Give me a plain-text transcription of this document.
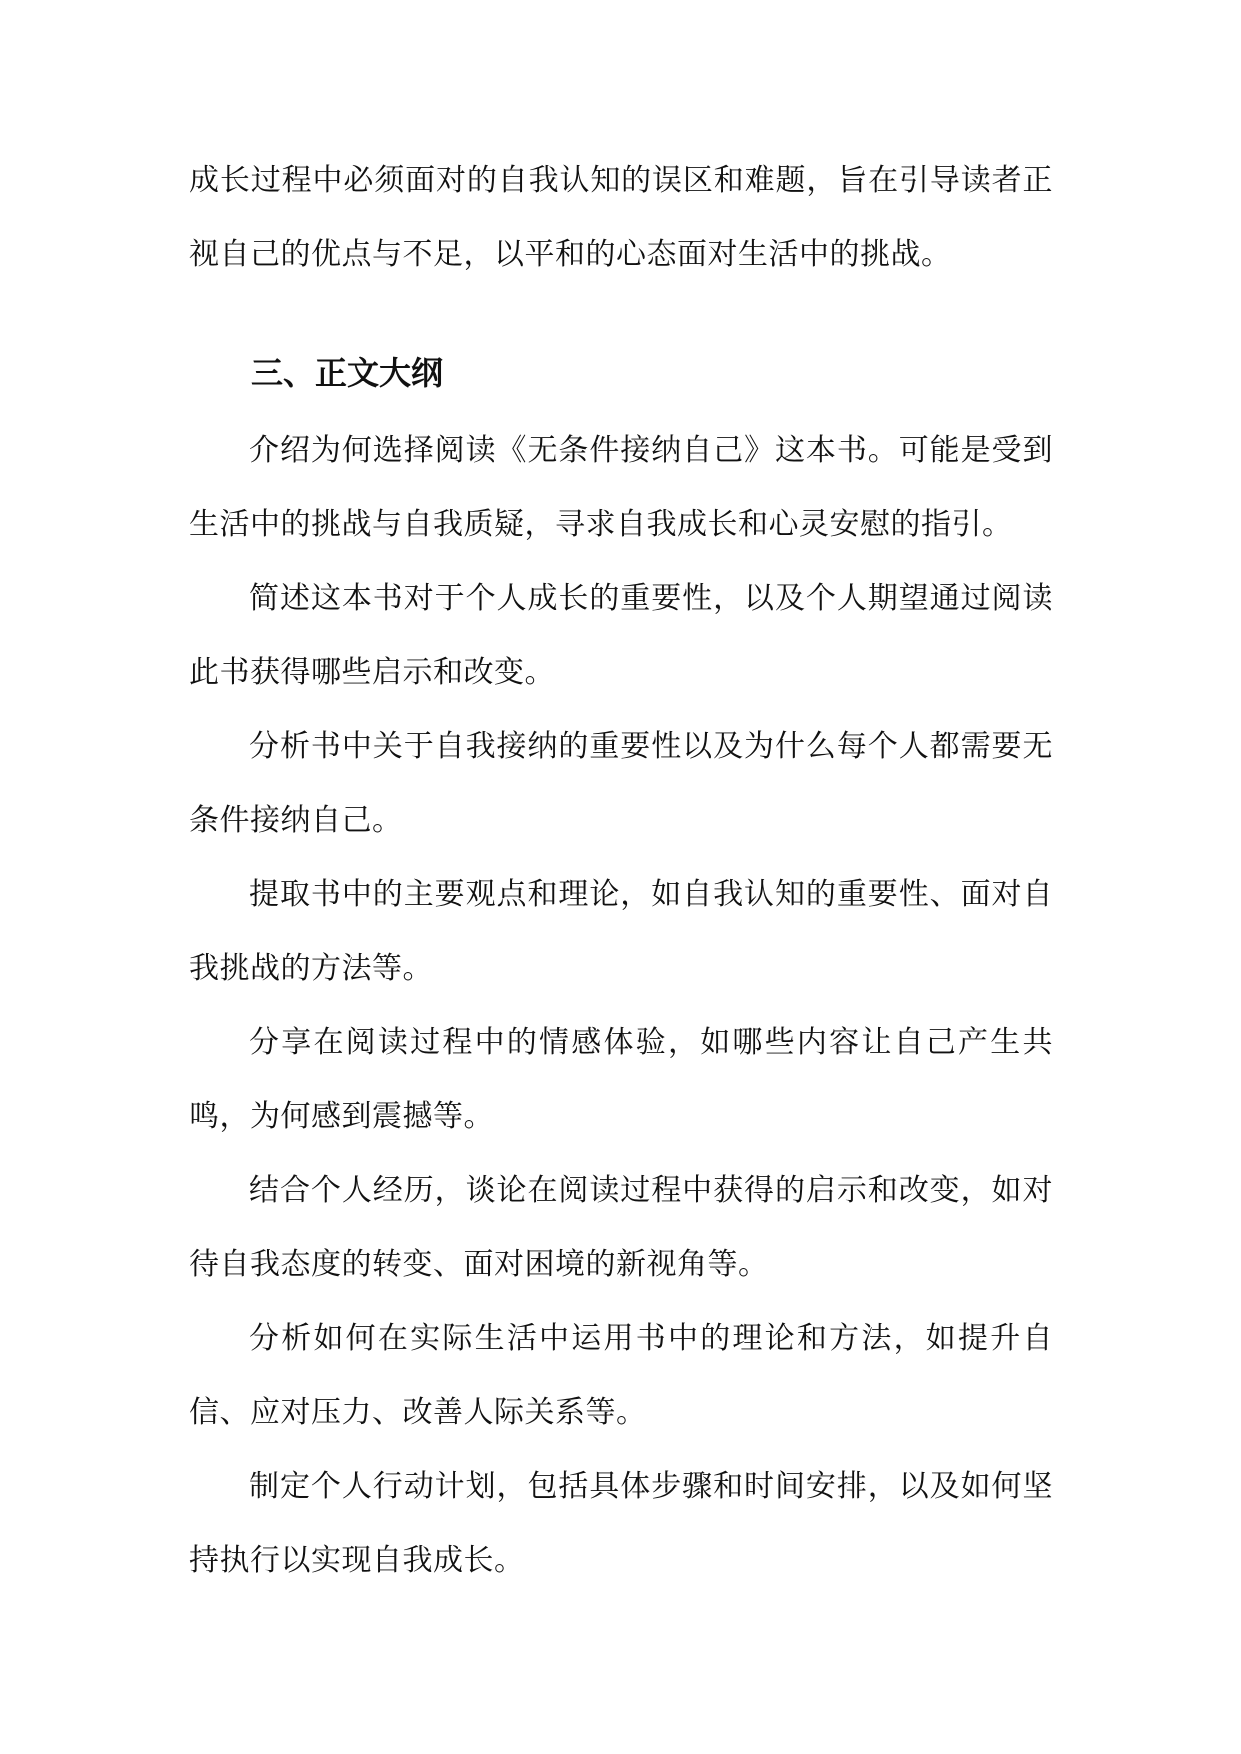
成长过程中必须面对的自我认知的误区和难题，旨在引导读者正视自己的优点与不足，以平和的心态面对生活中的挑战。

三、正文大纲

介绍为何选择阅读《无条件接纳自己》这本书。可能是受到生活中的挑战与自我质疑，寻求自我成长和心灵安慰的指引。

简述这本书对于个人成长的重要性，以及个人期望通过阅读此书获得哪些启示和改变。

分析书中关于自我接纳的重要性以及为什么每个人都需要无条件接纳自己。

提取书中的主要观点和理论，如自我认知的重要性、面对自我挑战的方法等。

分享在阅读过程中的情感体验，如哪些内容让自己产生共鸣，为何感到震撼等。

结合个人经历，谈论在阅读过程中获得的启示和改变，如对待自我态度的转变、面对困境的新视角等。

分析如何在实际生活中运用书中的理论和方法，如提升自信、应对压力、改善人际关系等。

制定个人行动计划，包括具体步骤和时间安排，以及如何坚持执行以实现自我成长。
